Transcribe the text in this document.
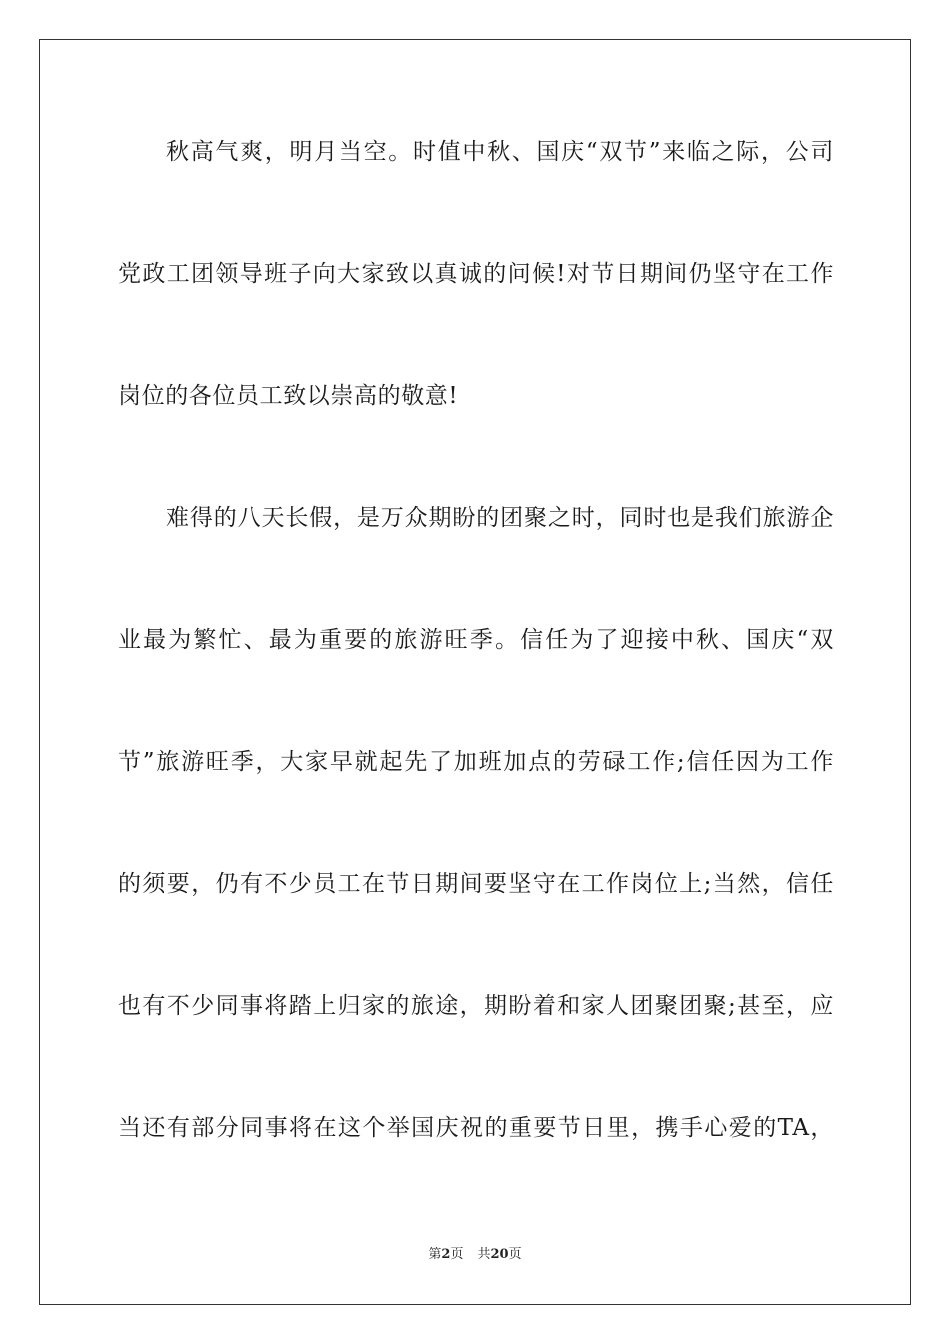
秋高气爽，明月当空。时值中秋、国庆“双节”来临之际，公司
党政工团领导班子向大家致以真诚的问候!对节日期间仍坚守在工作
岗位的各位员工致以崇高的敬意!
难得的八天长假，是万众期盼的团聚之时，同时也是我们旅游企
业最为繁忙、最为重要的旅游旺季。信任为了迎接中秋、国庆“双
节”旅游旺季，大家早就起先了加班加点的劳碌工作;信任因为工作
的须要，仍有不少员工在节日期间要坚守在工作岗位上;当然，信任
也有不少同事将踏上归家的旅途，期盼着和家人团聚团聚;甚至，应
当还有部分同事将在这个举国庆祝的重要节日里，携手心爱的TA，
第2页 共20页
